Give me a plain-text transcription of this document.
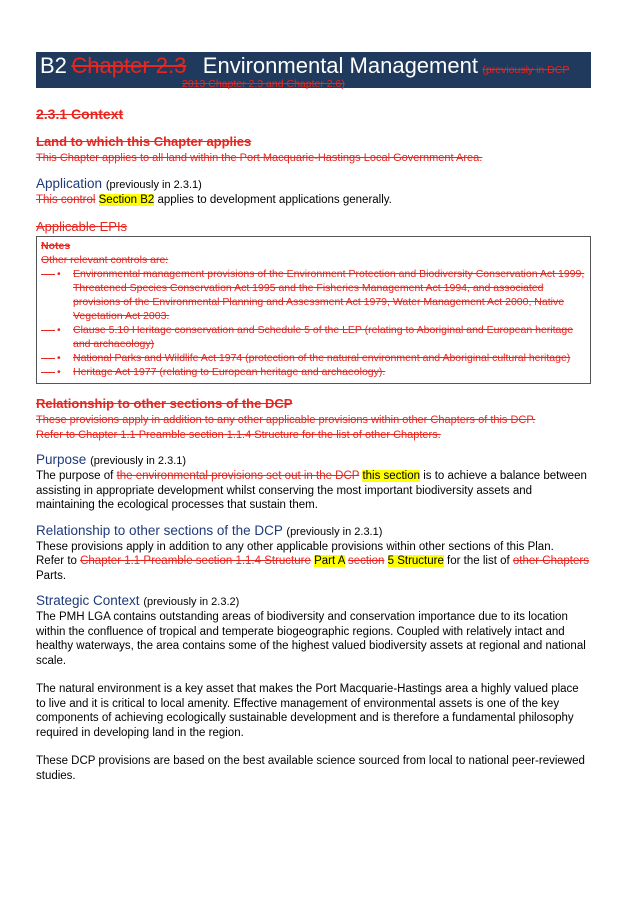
B2 Chapter 2.3 Environmental Management (previously in DCP
2013 Chapter 2.3 and Chapter 2.6)
2.3.1 Context
Land to which this Chapter applies

This Chapter applies to all land within the Port Macquarie-Hastings Local Government Area.

Application (previously in 2.3.1)

This control Section B2 applies to development applications generally.

Applicable EPIs
Notes
Other relevant controls are:
• Environmental management provisions of the Environment Protection and Biodiversity Conservation Act 1999, Threatened Species Conservation Act 1995 and the Fisheries Management Act 1994, and associated provisions of the Environmental Planning and Assessment Act 1979, Water Management Act 2000, Native Vegetation Act 2003.
• Clause 5.10 Heritage conservation and Schedule 5 of the LEP (relating to Aboriginal and European heritage and archaeology)
• National Parks and Wildlife Act 1974 (protection of the natural environment and Aboriginal cultural heritage)
• Heritage Act 1977 (relating to European heritage and archaeology).
Relationship to other sections of the DCP

These provisions apply in addition to any other applicable provisions within other Chapters of this DCP.

Refer to Chapter 1.1 Preamble section 1.1.4 Structure for the list of other Chapters.

Purpose (previously in 2.3.1)

The purpose of the environmental provisions set out in the DCP this section is to achieve a balance between assisting in appropriate development whilst conserving the most important biodiversity assets and maintaining the ecological processes that sustain them.

Relationship to other sections of the DCP (previously in 2.3.1)

These provisions apply in addition to any other applicable provisions within other sections of this Plan.

Refer to Chapter 1.1 Preamble section 1.1.4 Structure Part A section 5 Structure for the list of other Chapters Parts.

Strategic Context (previously in 2.3.2)

The PMH LGA contains outstanding areas of biodiversity and conservation importance due to its location within the confluence of tropical and temperate biogeographic regions. Coupled with relatively intact and healthy waterways, the area contains some of the highest valued biodiversity assets at regional and national scale.

The natural environment is a key asset that makes the Port Macquarie-Hastings area a highly valued place to live and it is critical to local amenity. Effective management of environmental assets is one of the key components of achieving ecologically sustainable development and is therefore a fundamental philosophy required in developing land in the region.

These DCP provisions are based on the best available science sourced from local to national peer-reviewed studies.
